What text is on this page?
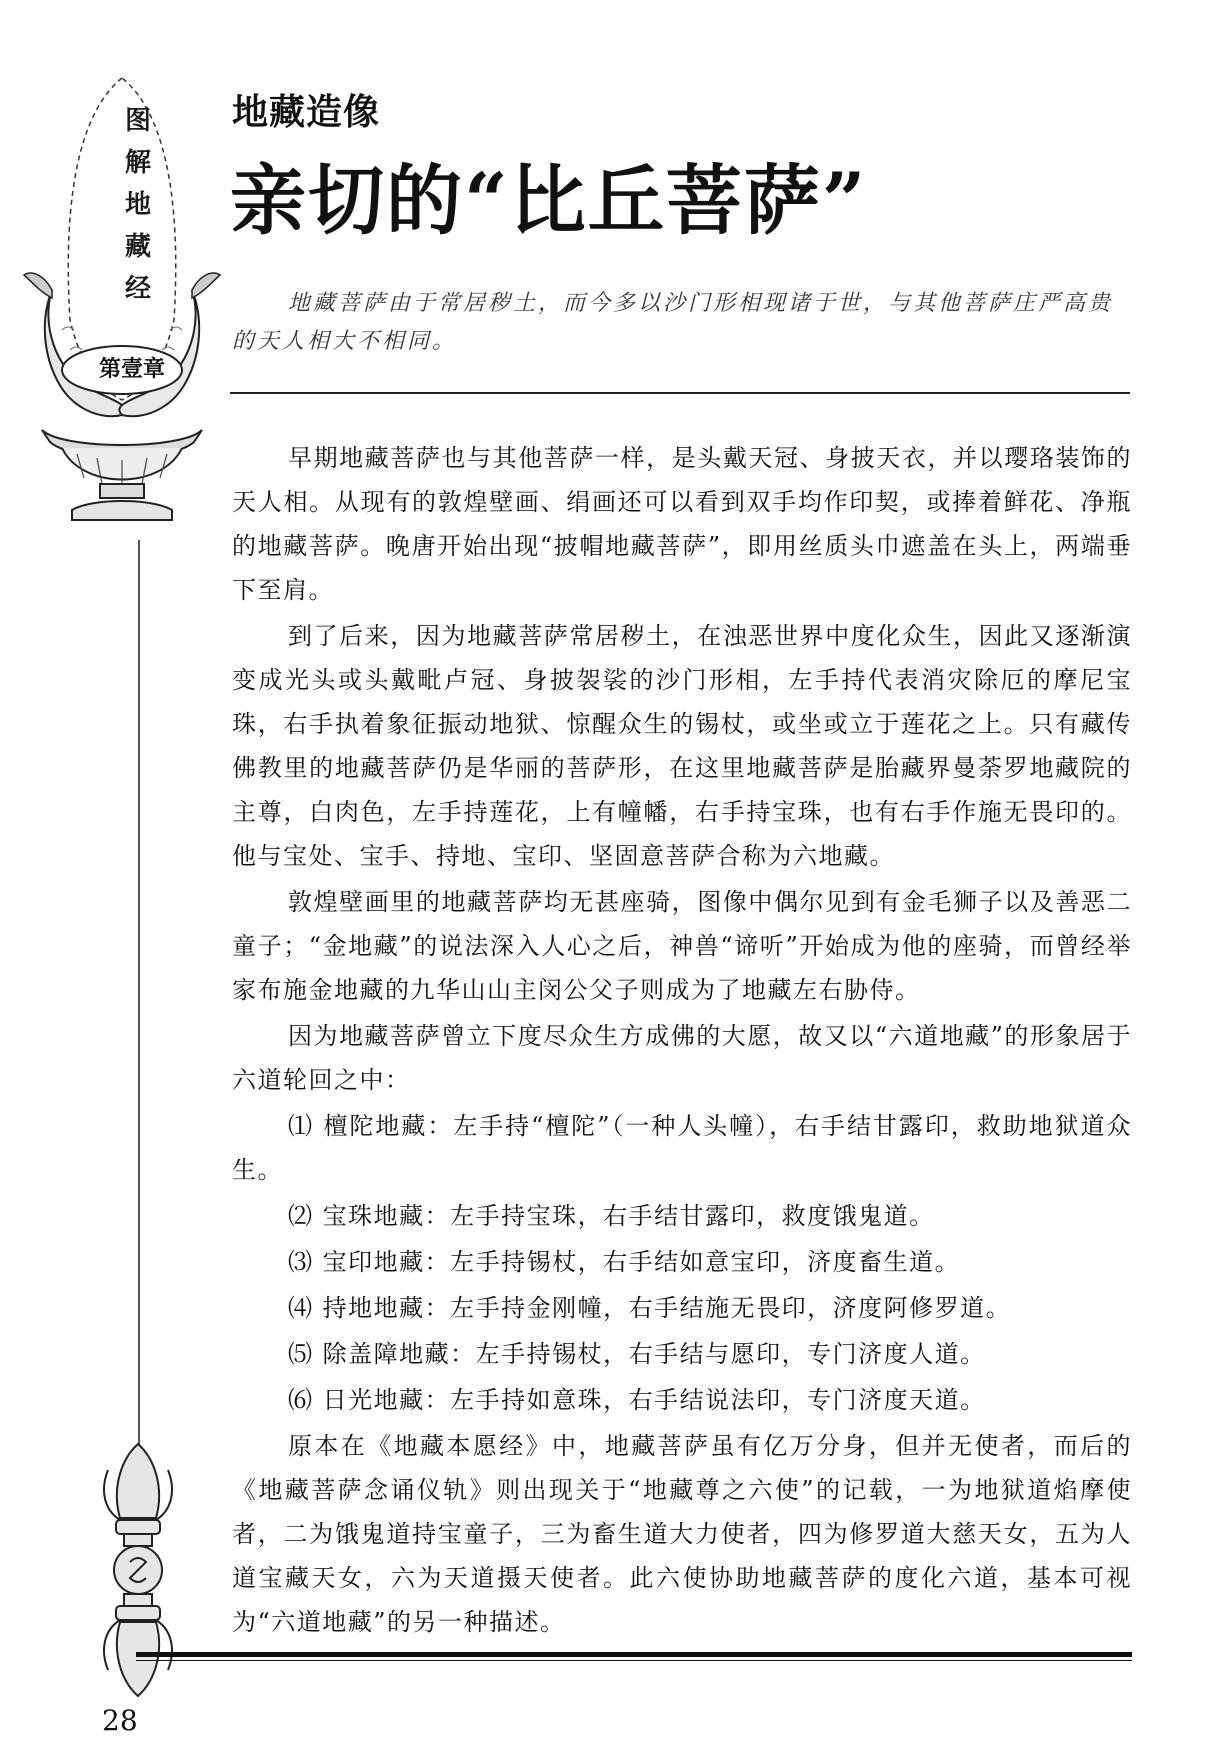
图
解
地
藏
经
第壹章
地藏造像
亲切的“比丘菩萨”
地藏菩萨由于常居秽土，而今多以沙门形相现诸于世，与其他菩萨庄严高贵的天人相大不相同。

早期地藏菩萨也与其他菩萨一样，是头戴天冠、身披天衣，并以璎珞装饰的天人相。从现有的敦煌壁画、绢画还可以看到双手均作印契，或捧着鲜花、净瓶的地藏菩萨。晚唐开始出现“披帽地藏菩萨”，即用丝质头巾遮盖在头上，两端垂下至肩。

到了后来，因为地藏菩萨常居秽土，在浊恶世界中度化众生，因此又逐渐演变成光头或头戴毗卢冠、身披袈裟的沙门形相，左手持代表消灾除厄的摩尼宝珠，右手执着象征振动地狱、惊醒众生的锡杖，或坐或立于莲花之上。只有藏传佛教里的地藏菩萨仍是华丽的菩萨形，在这里地藏菩萨是胎藏界曼荼罗地藏院的主尊，白肉色，左手持莲花，上有幢幡，右手持宝珠，也有右手作施无畏印的。他与宝处、宝手、持地、宝印、坚固意菩萨合称为六地藏。

敦煌壁画里的地藏菩萨均无甚座骑，图像中偶尔见到有金毛狮子以及善恶二童子；“金地藏”的说法深入人心之后，神兽“谛听”开始成为他的座骑，而曾经举家布施金地藏的九华山山主闵公父子则成为了地藏左右胁侍。

因为地藏菩萨曾立下度尽众生方成佛的大愿，故又以“六道地藏”的形象居于六道轮回之中：

⑴ 檀陀地藏：左手持“檀陀”（一种人头幢），右手结甘露印，救助地狱道众生。

⑵ 宝珠地藏：左手持宝珠，右手结甘露印，救度饿鬼道。

⑶ 宝印地藏：左手持锡杖，右手结如意宝印，济度畜生道。

⑷ 持地地藏：左手持金刚幢，右手结施无畏印，济度阿修罗道。

⑸ 除盖障地藏：左手持锡杖，右手结与愿印，专门济度人道。

⑹ 日光地藏：左手持如意珠，右手结说法印，专门济度天道。

原本在《地藏本愿经》中，地藏菩萨虽有亿万分身，但并无使者，而后的《地藏菩萨念诵仪轨》则出现关于“地藏尊之六使”的记载，一为地狱道焰摩使者，二为饿鬼道持宝童子，三为畜生道大力使者，四为修罗道大慈天女，五为人道宝藏天女，六为天道摄天使者。此六使协助地藏菩萨的度化六道，基本可视为“六道地藏”的另一种描述。

28
